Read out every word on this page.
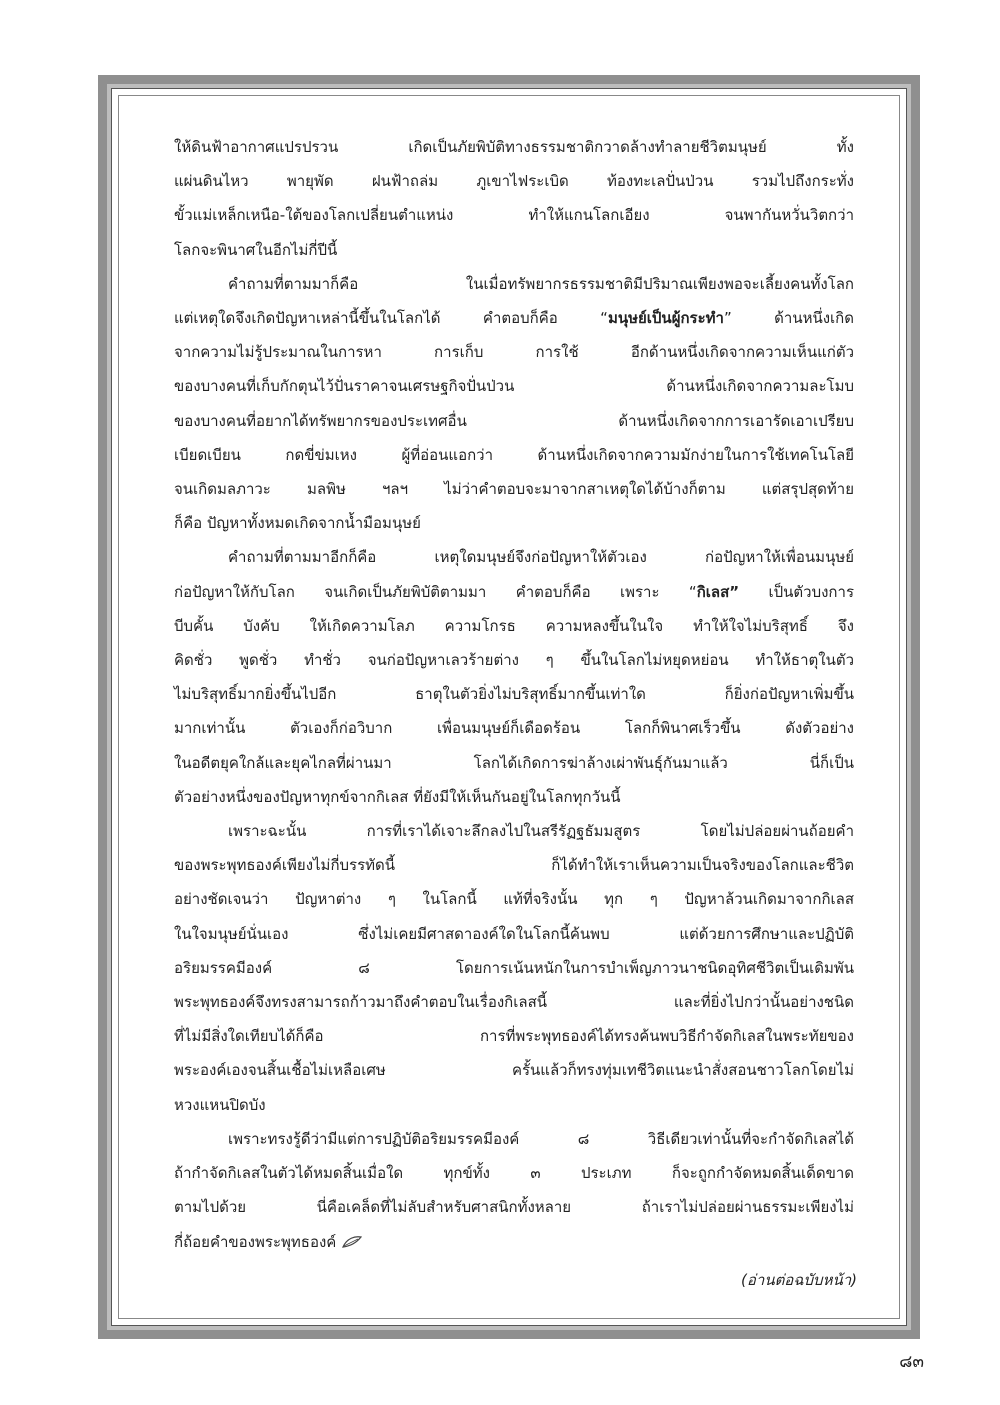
ให้ดินฟ้าอากาศแปรปรวน เกิดเป็นภัยพิบัติทางธรรมชาติกวาดล้างทำลายชีวิตมนุษย์ ทั้ง
แผ่นดินไหว พายุพัด ฝนฟ้าถล่ม ภูเขาไฟระเบิด ท้องทะเลปั่นป่วน รวมไปถึงกระทั่ง
ขั้วแม่เหล็กเหนือ-ใต้ของโลกเปลี่ยนตำแหน่ง ทำให้แกนโลกเอียง จนพากันหวั่นวิตกว่า
โลกจะพินาศในอีกไม่กี่ปีนี้
คำถามที่ตามมาก็คือ ในเมื่อทรัพยากรธรรมชาติมีปริมาณเพียงพอจะเลี้ยงคนทั้งโลก
แต่เหตุใดจึงเกิดปัญหาเหล่านี้ขึ้นในโลกได้ คำตอบก็คือ “มนุษย์เป็นผู้กระทำ” ด้านหนึ่งเกิด
จากความไม่รู้ประมาณในการหา การเก็บ การใช้ อีกด้านหนึ่งเกิดจากความเห็นแก่ตัว
ของบางคนที่เก็บกักตุนไว้ปั่นราคาจนเศรษฐกิจปั่นป่วน ด้านหนึ่งเกิดจากความละโมบ
ของบางคนที่อยากได้ทรัพยากรของประเทศอื่น ด้านหนึ่งเกิดจากการเอารัดเอาเปรียบ
เบียดเบียน กดขี่ข่มเหง ผู้ที่อ่อนแอกว่า ด้านหนึ่งเกิดจากความมักง่ายในการใช้เทคโนโลยี
จนเกิดมลภาวะ มลพิษ ฯลฯ ไม่ว่าคำตอบจะมาจากสาเหตุใดได้บ้างก็ตาม แต่สรุปสุดท้าย
ก็คือ ปัญหาทั้งหมดเกิดจากน้ำมือมนุษย์
คำถามที่ตามมาอีกก็คือ เหตุใดมนุษย์จึงก่อปัญหาให้ตัวเอง ก่อปัญหาให้เพื่อนมนุษย์
ก่อปัญหาให้กับโลก จนเกิดเป็นภัยพิบัติตามมา คำตอบก็คือ เพราะ “กิเลส” เป็นตัวบงการ
บีบคั้น บังคับ ให้เกิดความโลภ ความโกรธ ความหลงขึ้นในใจ ทำให้ใจไม่บริสุทธิ์ จึง
คิดชั่ว พูดชั่ว ทำชั่ว จนก่อปัญหาเลวร้ายต่าง ๆ ขึ้นในโลกไม่หยุดหย่อน ทำให้ธาตุในตัว
ไม่บริสุทธิ์มากยิ่งขึ้นไปอีก ธาตุในตัวยิ่งไม่บริสุทธิ์มากขึ้นเท่าใด ก็ยิ่งก่อปัญหาเพิ่มขึ้น
มากเท่านั้น ตัวเองก็ก่อวิบาก เพื่อนมนุษย์ก็เดือดร้อน โลกก็พินาศเร็วขึ้น ดังตัวอย่าง
ในอดีตยุคใกล้และยุคไกลที่ผ่านมา โลกได้เกิดการฆ่าล้างเผ่าพันธุ์กันมาแล้ว นี่ก็เป็น
ตัวอย่างหนึ่งของปัญหาทุกข์จากกิเลส ที่ยังมีให้เห็นกันอยู่ในโลกทุกวันนี้
เพราะฉะนั้น การที่เราได้เจาะลึกลงไปในสรีรัฏฐธัมมสูตร โดยไม่ปล่อยผ่านถ้อยคำ
ของพระพุทธองค์เพียงไม่กี่บรรทัดนี้ ก็ได้ทำให้เราเห็นความเป็นจริงของโลกและชีวิต
อย่างชัดเจนว่า ปัญหาต่าง ๆ ในโลกนี้ แท้ที่จริงนั้น ทุก ๆ ปัญหาล้วนเกิดมาจากกิเลส
ในใจมนุษย์นั่นเอง ซึ่งไม่เคยมีศาสดาองค์ใดในโลกนี้ค้นพบ แต่ด้วยการศึกษาและปฏิบัติ
อริยมรรคมีองค์ ๘ โดยการเน้นหนักในการบำเพ็ญภาวนาชนิดอุทิศชีวิตเป็นเดิมพัน
พระพุทธองค์จึงทรงสามารถก้าวมาถึงคำตอบในเรื่องกิเลสนี้ และที่ยิ่งไปกว่านั้นอย่างชนิด
ที่ไม่มีสิ่งใดเทียบได้ก็คือ การที่พระพุทธองค์ได้ทรงค้นพบวิธีกำจัดกิเลสในพระทัยของ
พระองค์เองจนสิ้นเชื้อไม่เหลือเศษ ครั้นแล้วก็ทรงทุ่มเทชีวิตแนะนำสั่งสอนชาวโลกโดยไม่
หวงแหนปิดบัง
เพราะทรงรู้ดีว่ามีแต่การปฏิบัติอริยมรรคมีองค์ ๘ วิธีเดียวเท่านั้นที่จะกำจัดกิเลสได้
ถ้ากำจัดกิเลสในตัวได้หมดสิ้นเมื่อใด ทุกข์ทั้ง ๓ ประเภท ก็จะถูกกำจัดหมดสิ้นเด็ดขาด
ตามไปด้วย นี่คือเคล็ดที่ไม่ลับสำหรับศาสนิกทั้งหลาย ถ้าเราไม่ปล่อยผ่านธรรมะเพียงไม่
กี่ถ้อยคำของพระพุทธองค์
(อ่านต่อฉบับหน้า)
๘๓
